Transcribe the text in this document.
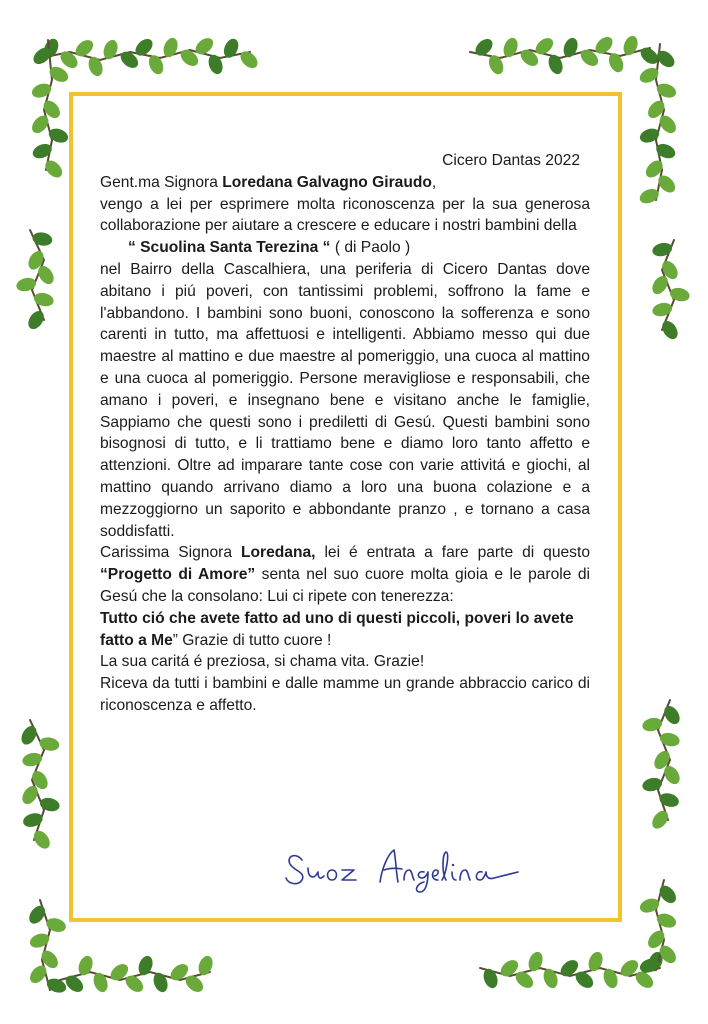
Cicero Dantas 2022

Gent.ma Signora Loredana Galvagno Giraudo,

vengo a lei per esprimere molta riconoscenza per la sua generosa collaborazione per aiutare a crescere e educare i nostri bambini della

“ Scuolina Santa Terezina “ ( di Paolo )

nel Bairro della Cascalhiera, una periferia di Cicero Dantas dove abitano i piú poveri, con tantissimi problemi, soffrono la fame e l'abbandono. I bambini sono buoni, conoscono la sofferenza e sono carenti in tutto, ma affettuosi e intelligenti. Abbiamo messo qui due maestre al mattino e due maestre al pomeriggio, una cuoca al mattino e una cuoca al pomeriggio. Persone meravigliose e responsabili, che amano i poveri, e insegnano bene e visitano anche le famiglie, Sappiamo che questi sono i prediletti di Gesú. Questi bambini sono bisognosi di tutto, e li trattiamo bene e diamo loro tanto affetto e attenzioni. Oltre ad imparare tante cose con varie attivitá e giochi, al mattino quando arrivano diamo a loro una buona colazione e a mezzoggiorno un saporito e abbondante pranzo , e tornano a casa soddisfatti.

Carissima Signora Loredana, lei é entrata a fare parte di questo “Progetto di Amore” senta nel suo cuore molta gioia e le parole di Gesú che la consolano: Lui ci ripete con tenerezza:

Tutto ció che avete fatto ad uno di questi piccoli, poveri lo avete fatto a Me” Grazie di tutto cuore !

La sua caritá é preziosa, si chama vita. Grazie!

Riceva da tutti i bambini e dalle mamme un grande abbraccio carico di riconoscenza e affetto.
